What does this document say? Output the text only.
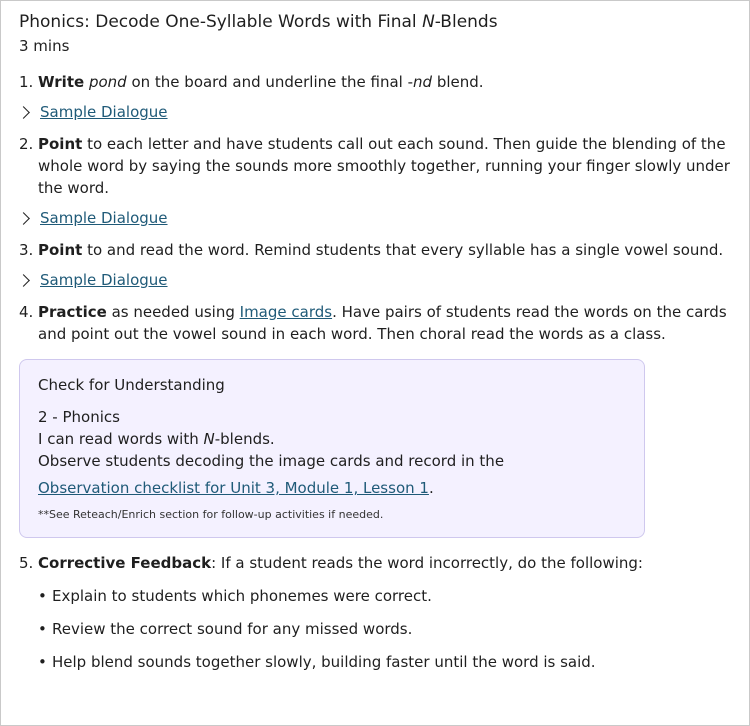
Phonics: Decode One-Syllable Words with Final N-Blends
3 mins
1. Write pond on the board and underline the final -nd blend.
Sample Dialogue
2. Point to each letter and have students call out each sound. Then guide the blending of the whole word by saying the sounds more smoothly together, running your finger slowly under the word.
Sample Dialogue
3. Point to and read the word. Remind students that every syllable has a single vowel sound.
Sample Dialogue
4. Practice as needed using Image cards. Have pairs of students read the words on the cards and point out the vowel sound in each word. Then choral read the words as a class.
Check for Understanding
2 - Phonics
I can read words with N-blends.
Observe students decoding the image cards and record in the
Observation checklist for Unit 3, Module 1, Lesson 1.
**See Reteach/Enrich section for follow-up activities if needed.
5. Corrective Feedback: If a student reads the word incorrectly, do the following:
• Explain to students which phonemes were correct.
• Review the correct sound for any missed words.
• Help blend sounds together slowly, building faster until the word is said.
